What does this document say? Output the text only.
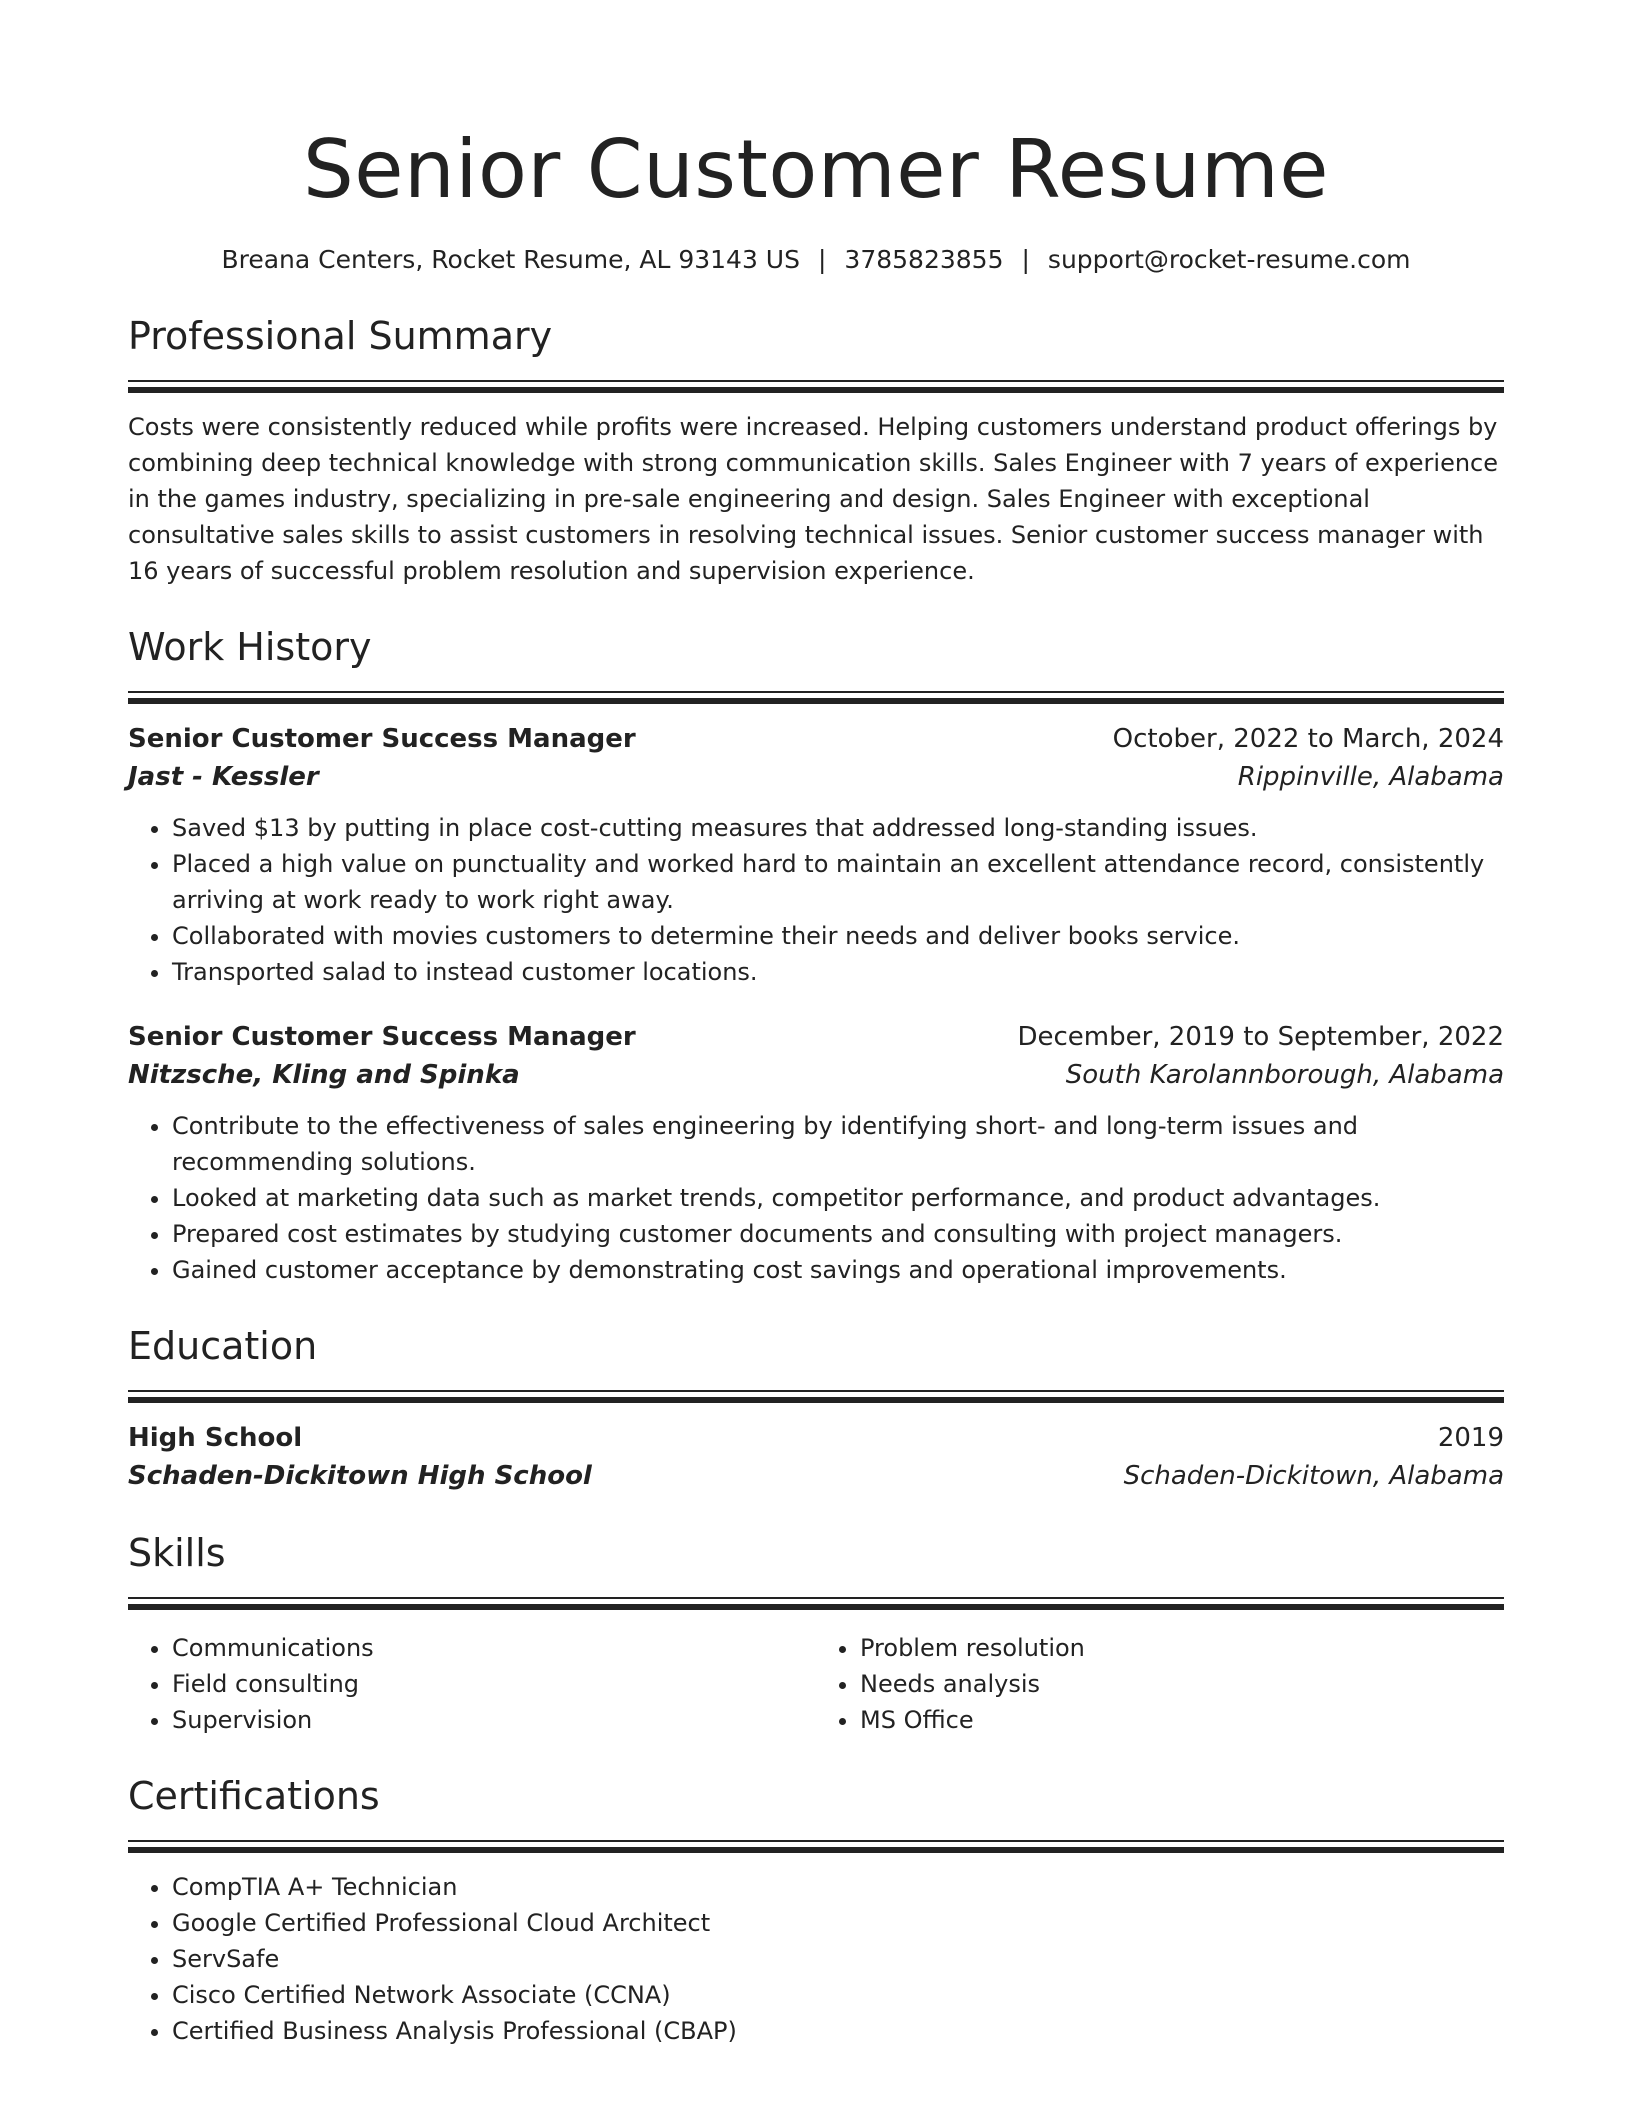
Senior Customer Resume
Breana Centers, Rocket Resume, AL 93143 US | 3785823855 | support@rocket-resume.com
Professional Summary

Costs were consistently reduced while profits were increased. Helping customers understand product offerings by combining deep technical knowledge with strong communication skills. Sales Engineer with 7 years of experience in the games industry, specializing in pre-sale engineering and design. Sales Engineer with exceptional consultative sales skills to assist customers in resolving technical issues. Senior customer success manager with 16 years of successful problem resolution and supervision experience.

Work History
Senior Customer Success Manager	October, 2022 to March, 2024
Jast - Kessler	Rippinville, Alabama
• Saved $13 by putting in place cost-cutting measures that addressed long-standing issues.
• Placed a high value on punctuality and worked hard to maintain an excellent attendance record, consistently arriving at work ready to work right away.
• Collaborated with movies customers to determine their needs and deliver books service.
• Transported salad to instead customer locations.
Senior Customer Success Manager	December, 2019 to September, 2022
Nitzsche, Kling and Spinka	South Karolannborough, Alabama
• Contribute to the effectiveness of sales engineering by identifying short- and long-term issues and recommending solutions.
• Looked at marketing data such as market trends, competitor performance, and product advantages.
• Prepared cost estimates by studying customer documents and consulting with project managers.
• Gained customer acceptance by demonstrating cost savings and operational improvements.
Education
High School	2019
Schaden-Dickitown High School	Schaden-Dickitown, Alabama
Skills
• Communications
• Field consulting
• Supervision
• Problem resolution
• Needs analysis
• MS Office
Certifications
• CompTIA A+ Technician
• Google Certified Professional Cloud Architect
• ServSafe
• Cisco Certified Network Associate (CCNA)
• Certified Business Analysis Professional (CBAP)
